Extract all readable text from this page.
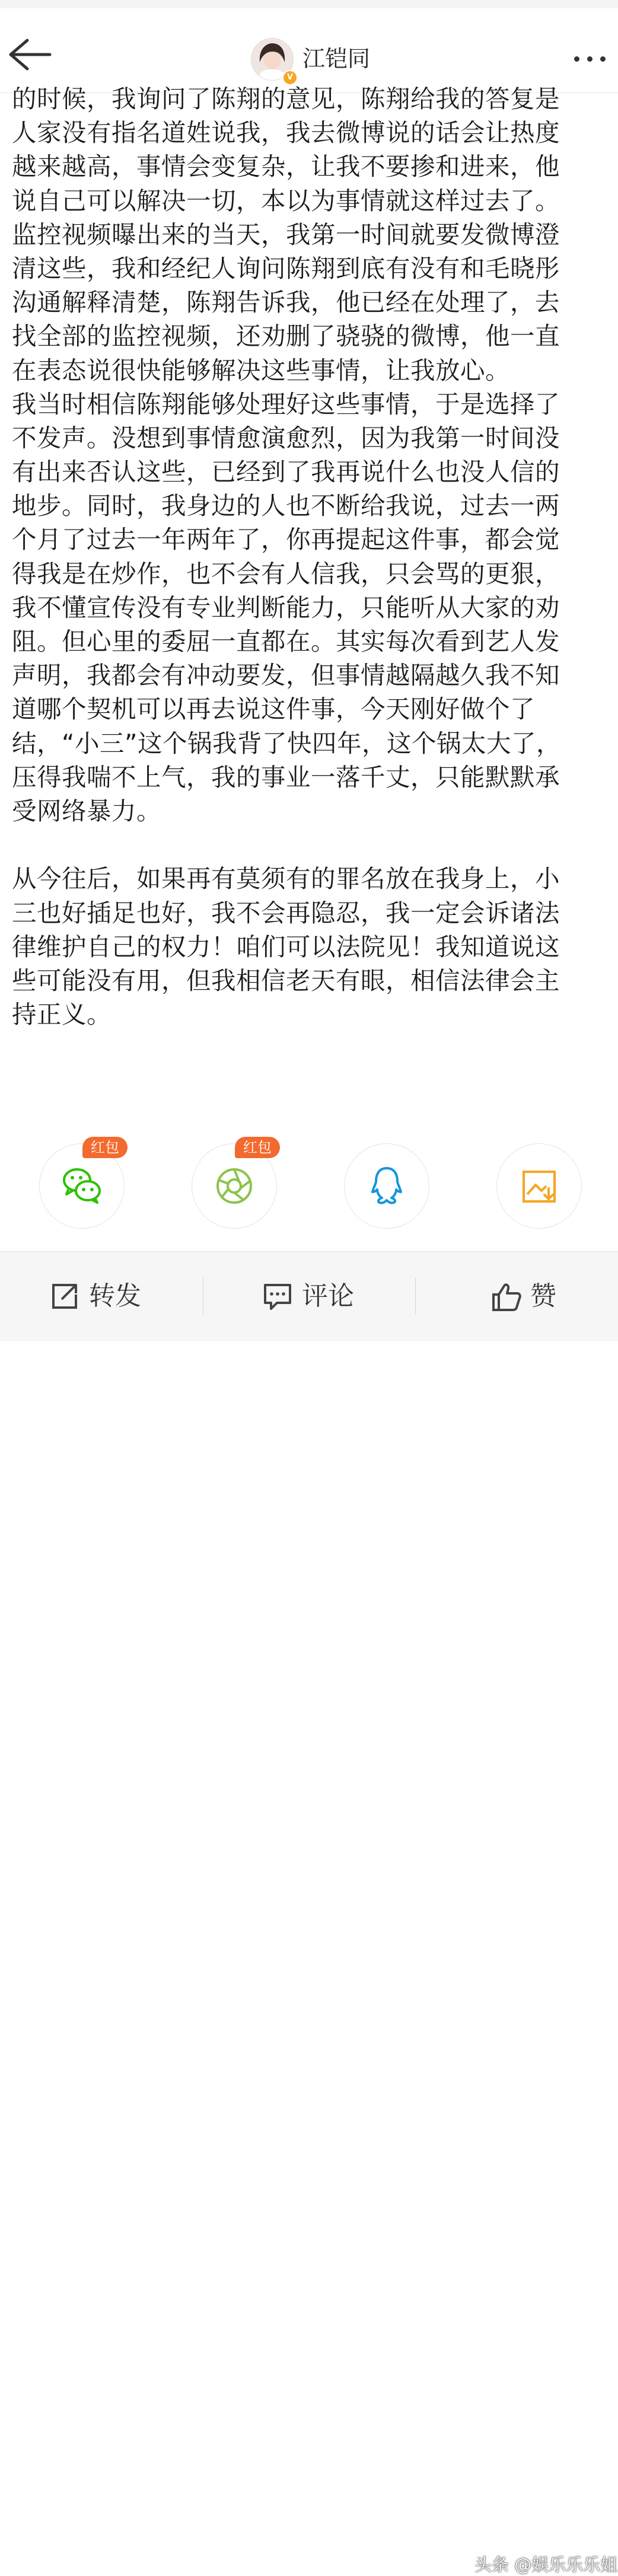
V
江铠同
的时候，我询问了陈翔的意见，陈翔给我的答复是
人家没有指名道姓说我，我去微博说的话会让热度
越来越高，事情会变复杂，让我不要掺和进来，他
说自己可以解决一切，本以为事情就这样过去了。
监控视频曝出来的当天，我第一时间就要发微博澄
清这些，我和经纪人询问陈翔到底有没有和毛晓彤
沟通解释清楚，陈翔告诉我，他已经在处理了，去
找全部的监控视频，还劝删了骁骁的微博，他一直
在表态说很快能够解决这些事情，让我放心。
我当时相信陈翔能够处理好这些事情，于是选择了
不发声。没想到事情愈演愈烈，因为我第一时间没
有出来否认这些，已经到了我再说什么也没人信的
地步。同时，我身边的人也不断给我说，过去一两
个月了过去一年两年了，你再提起这件事，都会觉
得我是在炒作，也不会有人信我，只会骂的更狠，
我不懂宣传没有专业判断能力，只能听从大家的劝
阻。但心里的委屈一直都在。其实每次看到艺人发
声明，我都会有冲动要发，但事情越隔越久我不知
道哪个契机可以再去说这件事，今天刚好做个了
结，“小三”这个锅我背了快四年，这个锅太大了，
压得我喘不上气，我的事业一落千丈，只能默默承
受网络暴力。
从今往后，如果再有莫须有的罪名放在我身上，小
三也好插足也好，我不会再隐忍，我一定会诉诸法
律维护自己的权力！咱们可以法院见！我知道说这
些可能没有用，但我相信老天有眼，相信法律会主
持正义。
红包	红包
转发	评论	赞
头条 @娱乐乐乐姐
